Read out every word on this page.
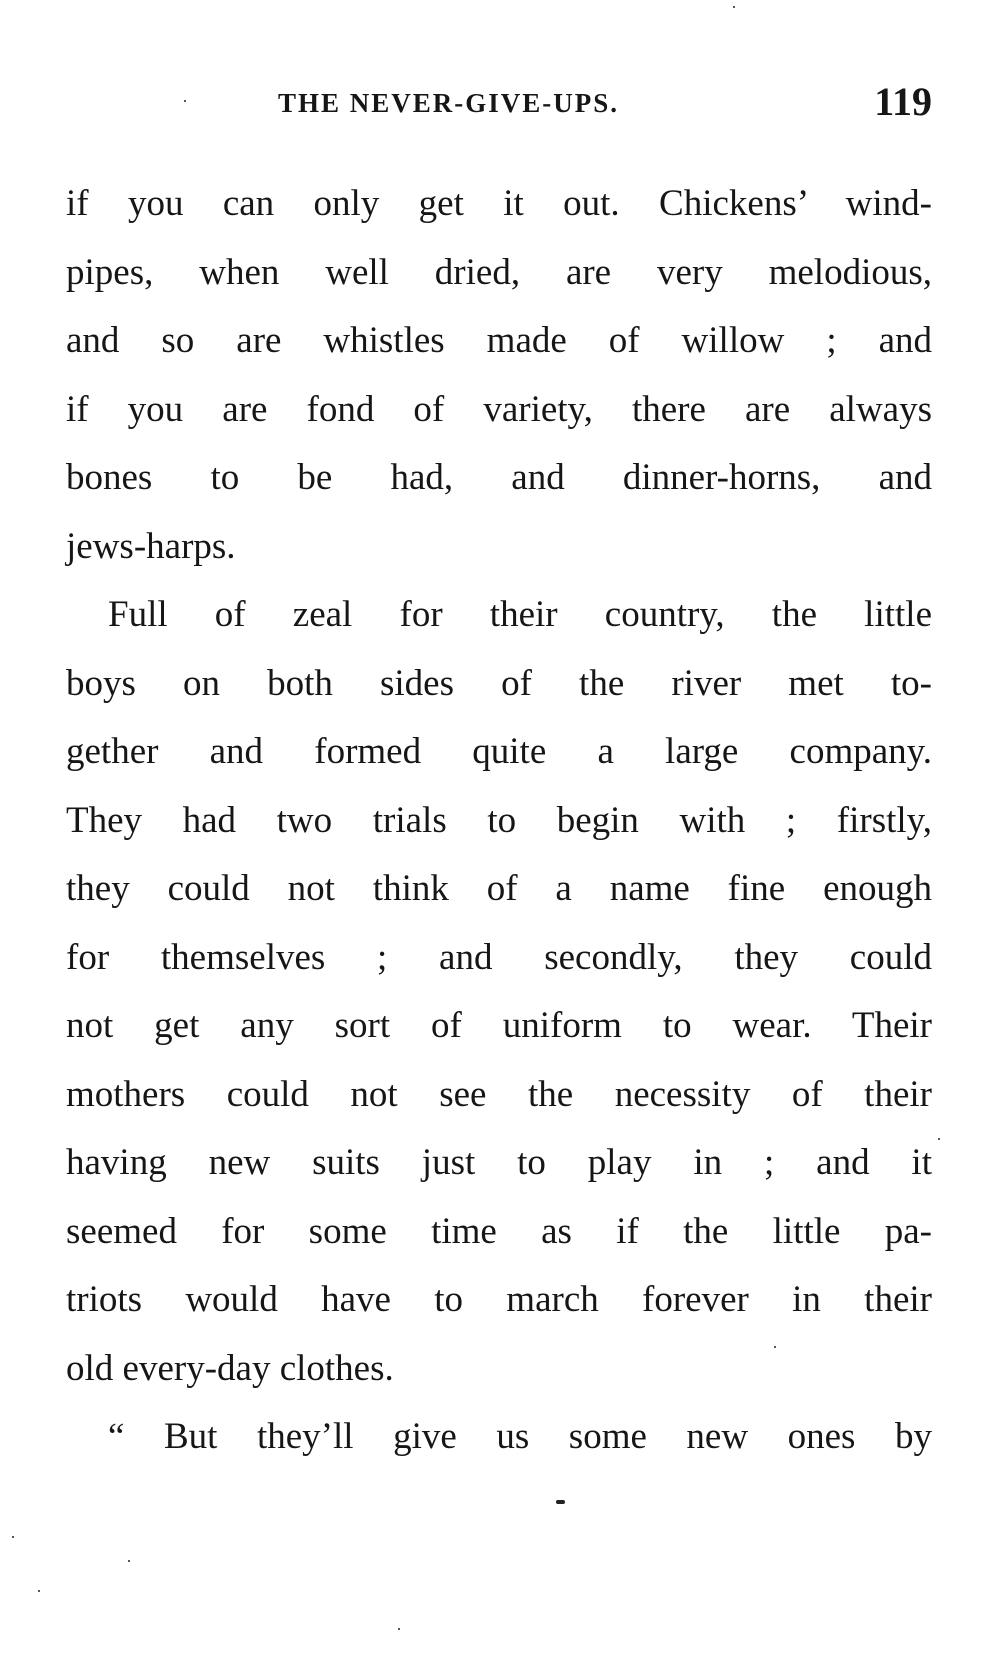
THE NEVER-GIVE-UPS.	119
if you can only get it out. Chickens’ wind-
pipes, when well dried, are very melodious,
and so are whistles made of willow ; and
if you are fond of variety, there are always
bones to be had, and dinner-horns, and
jews-harps.
Full of zeal for their country, the little
boys on both sides of the river met to-
gether and formed quite a large company.
They had two trials to begin with ; firstly,
they could not think of a name fine enough
for themselves ; and secondly, they could
not get any sort of uniform to wear. Their
mothers could not see the necessity of their
having new suits just to play in ; and it
seemed for some time as if the little pa-
triots would have to march forever in their
old every-day clothes.
“ But they’ll give us some new ones by
